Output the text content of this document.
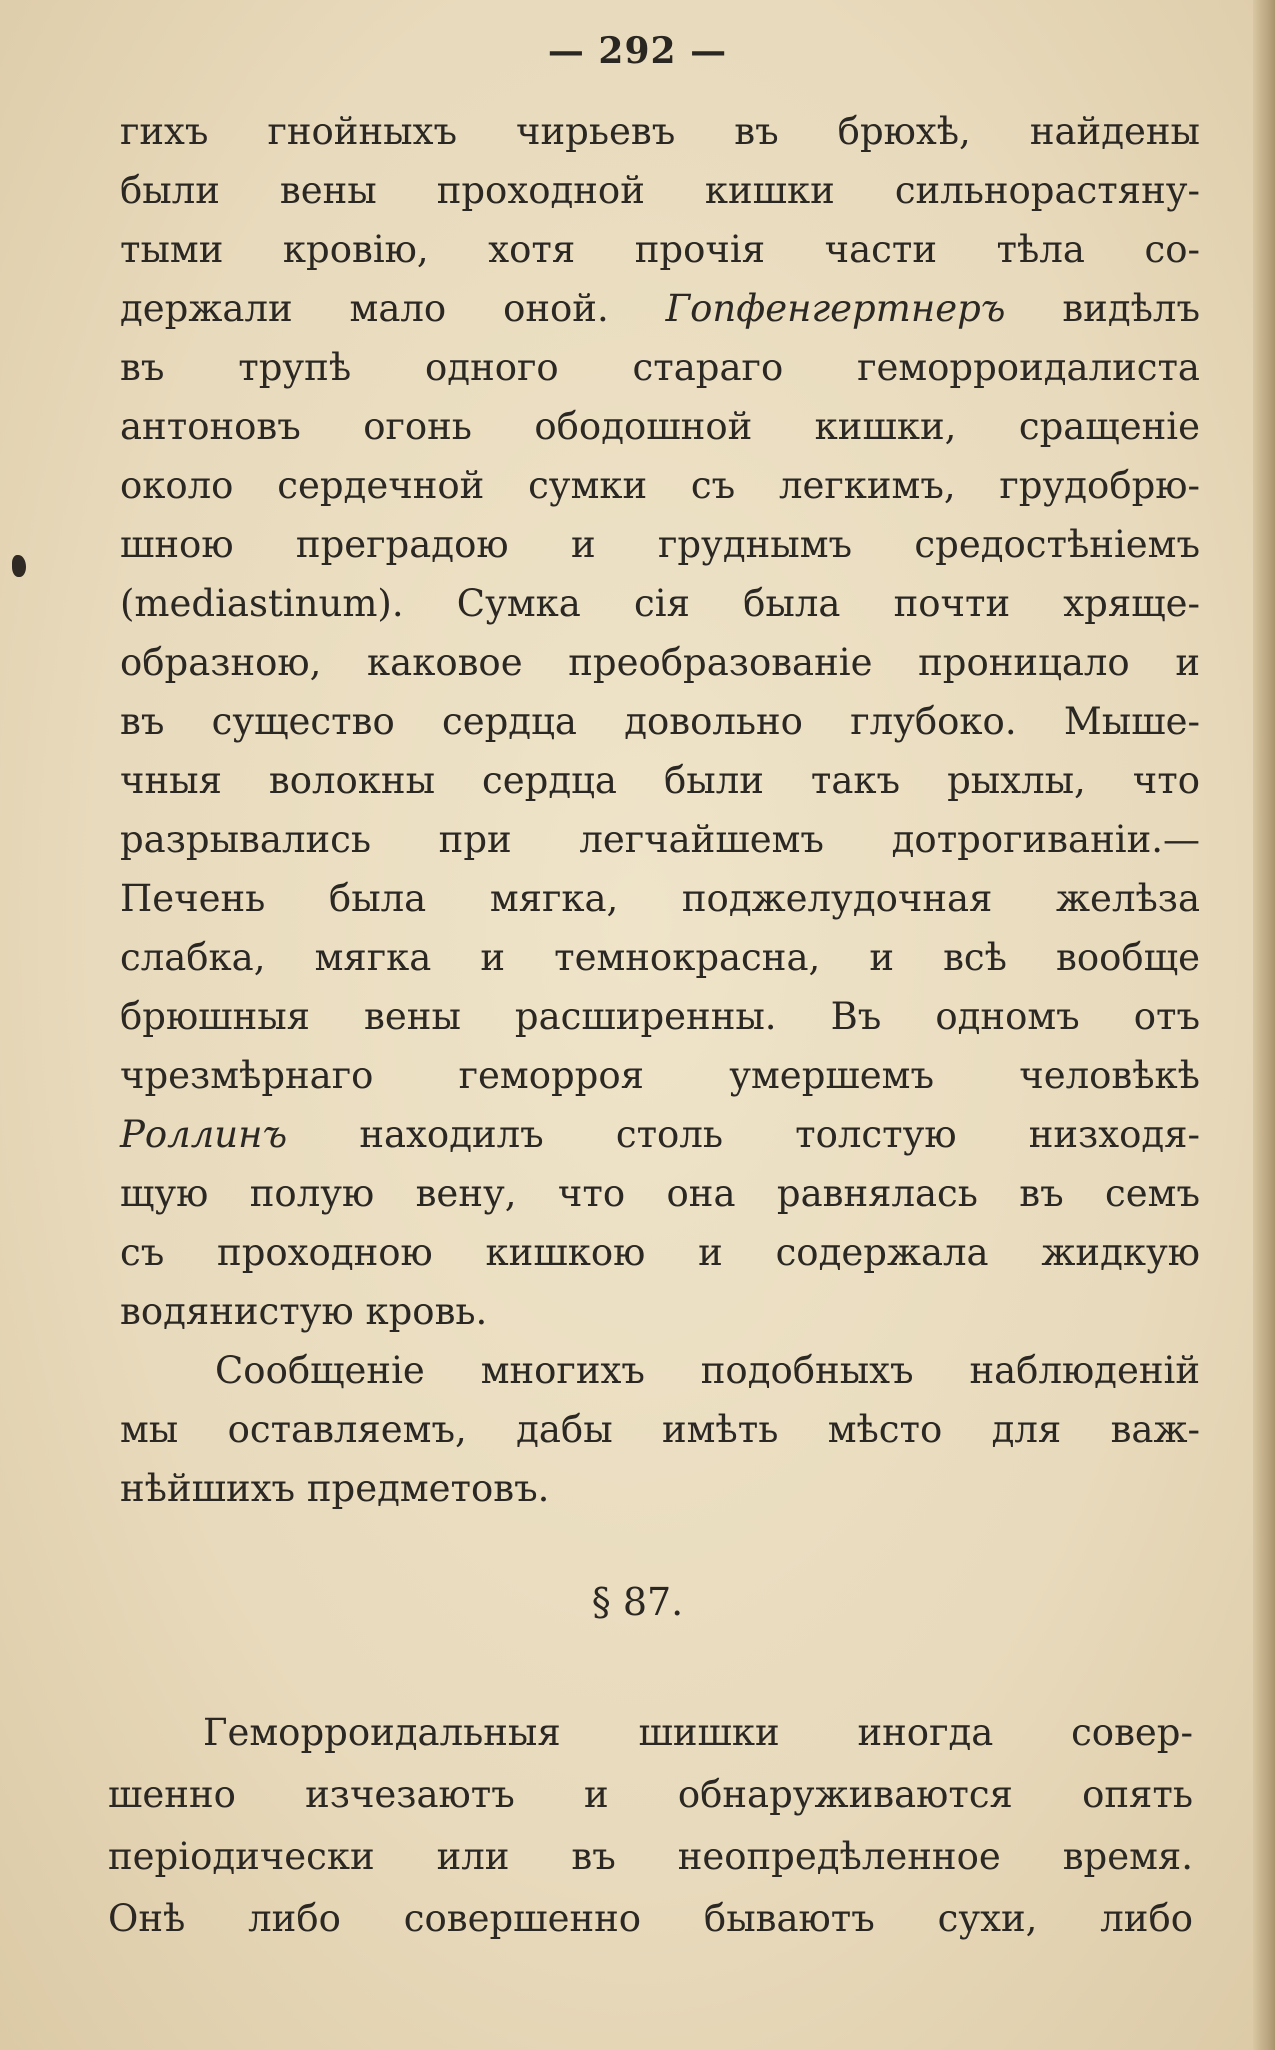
— 292 —
гихъ гнойныхъ чирьевъ въ брюхѣ, найдены
были вены проходной кишки сильнорастяну-
тыми кровію, хотя прочія части тѣла со-
держали мало оной. Гопфенгертнеръ видѣлъ
въ трупѣ одного стараго геморроидалиста
антоновъ огонь ободошной кишки, сращеніе
около сердечной сумки съ легкимъ, грудобрю-
шною преградою и груднымъ средостѣніемъ
(mediastinum). Сумка сія была почти хряще-
образною, каковое преобразованіе проницало и
въ существо сердца довольно глубоко. Мыше-
чныя волокны сердца были такъ рыхлы, что
разрывались при легчайшемъ дотрогиваніи.—
Печень была мягка, поджелудочная желѣза
слабка, мягка и темнокрасна, и всѣ вообще
брюшныя вены расширенны. Въ одномъ отъ
чрезмѣрнаго геморроя умершемъ человѣкѣ
Роллинъ находилъ столь толстую низходя-
щую полую вену, что она равнялась въ семъ
съ проходною кишкою и содержала жидкую
водянистую кровь.
Сообщеніе многихъ подобныхъ наблюденій
мы оставляемъ, дабы имѣть мѣсто для важ-
нѣйшихъ предметовъ.
§ 87.
Геморроидальныя шишки иногда совер-
шенно изчезаютъ и обнаруживаются опять
періодически или въ неопредѣленное время.
Онѣ либо совершенно бываютъ сухи, либо
